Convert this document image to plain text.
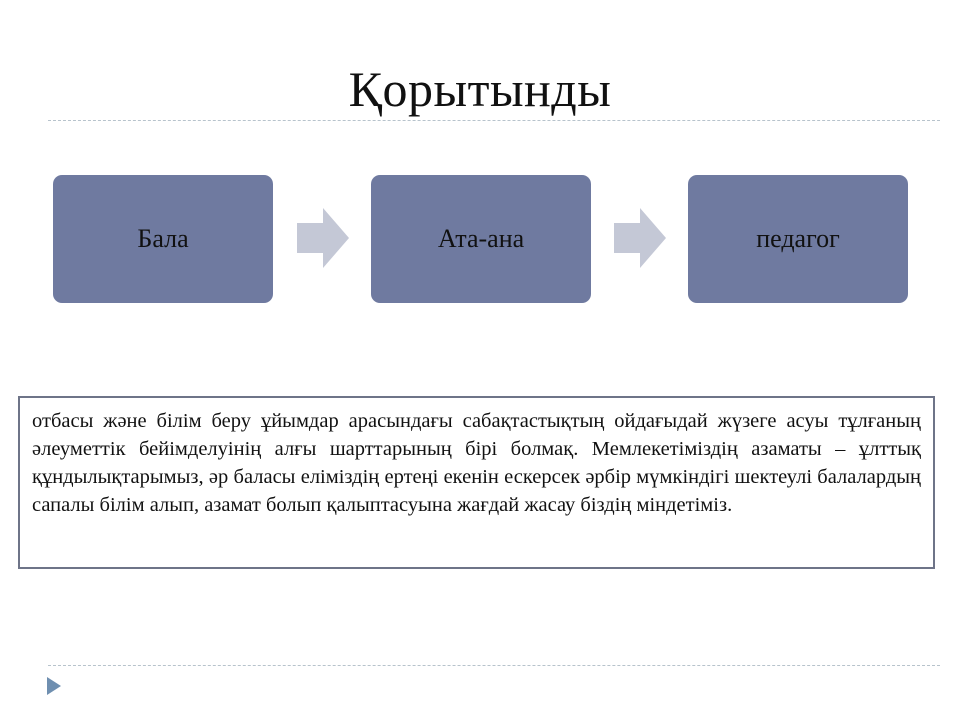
Қорытынды
Бала	Ата-ана	педагог
отбасы және білім беру ұйымдар арасындағы сабақтастықтың ойдағыдай жүзеге асуы тұлғаның әлеуметтік бейімделуінің алғы шарттарының бірі болмақ. Мемлекетіміздің азаматы – ұлттық құндылықтарымыз, әр баласы еліміздің ертеңі екенін ескерсек әрбір мүмкіндігі шектеулі балалардың сапалы білім алып, азамат болып қалыптасуына жағдай жасау біздің міндетіміз.
